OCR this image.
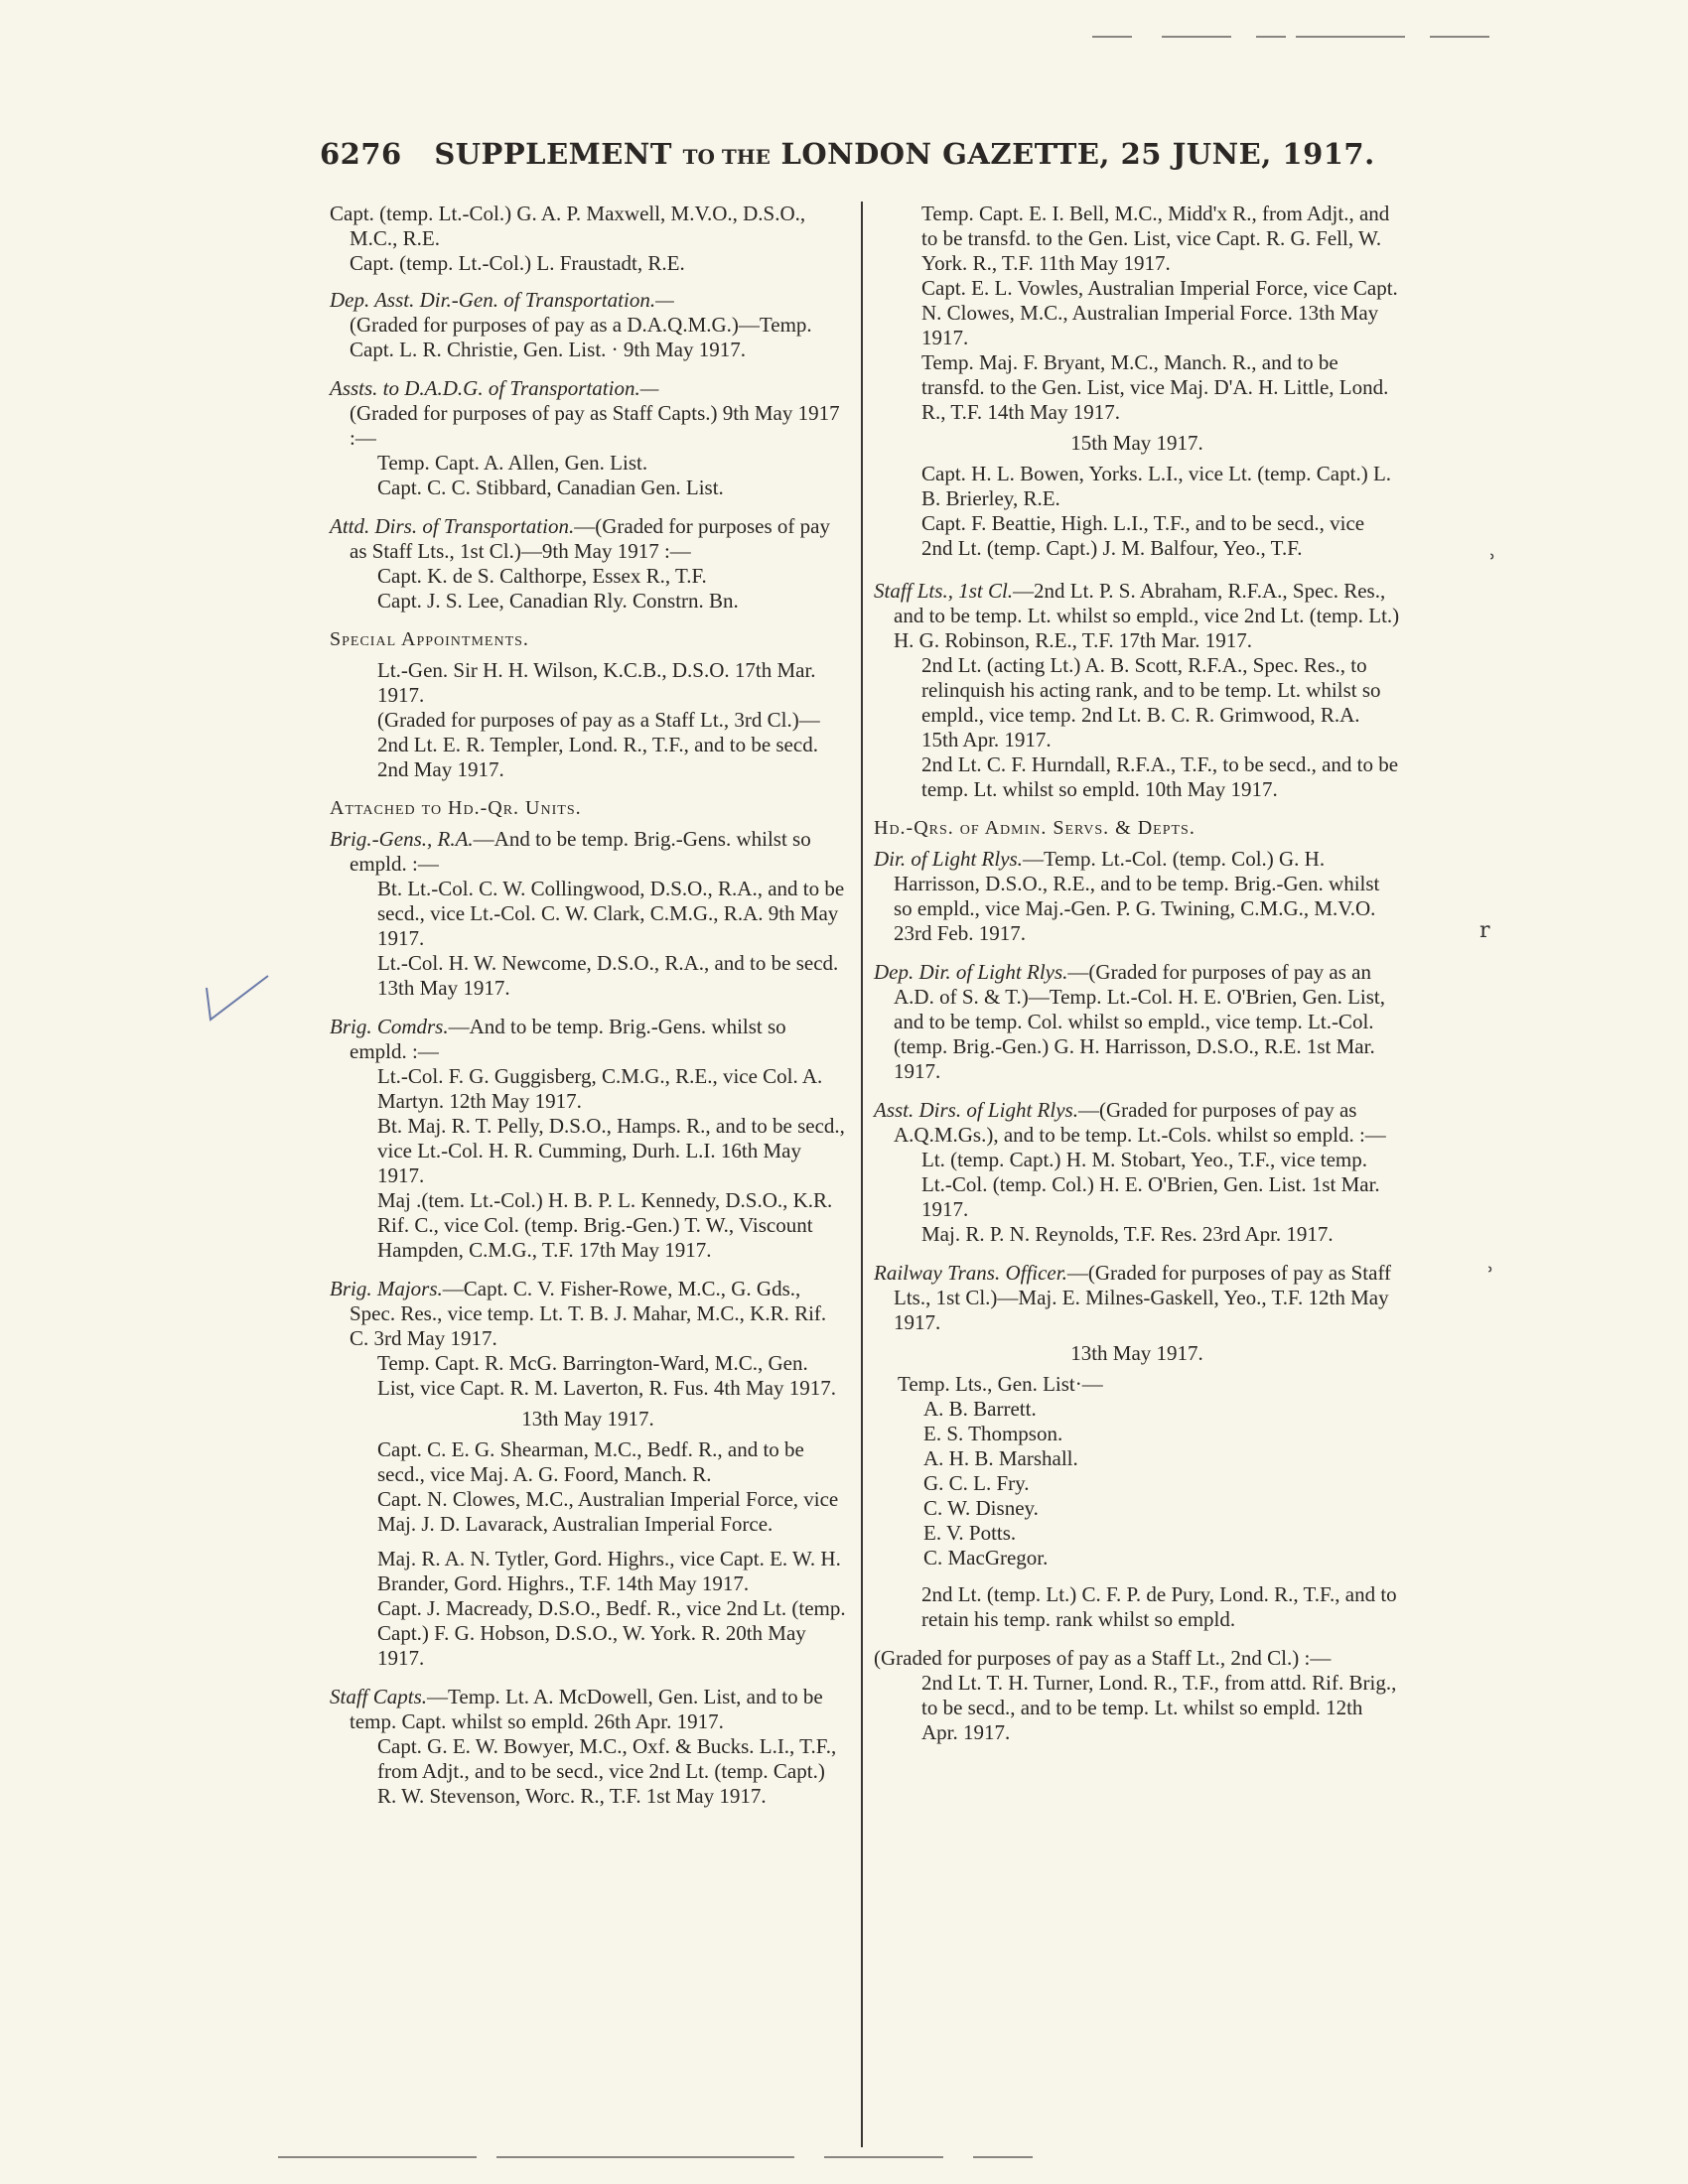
6276 SUPPLEMENT TO THE LONDON GAZETTE, 25 JUNE, 1917.

Capt. (temp. Lt.-Col.) G. A. P. Maxwell, M.V.O., D.S.O., M.C., R.E.

Capt. (temp. Lt.-Col.) L. Fraustadt, R.E.

Dep. Asst. Dir.-Gen. of Transportation.—

(Graded for purposes of pay as a D.A.Q.M.G.)—Temp. Capt. L. R. Christie, Gen. List. · 9th May 1917.

Assts. to D.A.D.G. of Transportation.—

(Graded for purposes of pay as Staff Capts.) 9th May 1917 :—

Temp. Capt. A. Allen, Gen. List.

Capt. C. C. Stibbard, Canadian Gen. List.

Attd. Dirs. of Transportation.—(Graded for purposes of pay as Staff Lts., 1st Cl.)—9th May 1917 :—

Capt. K. de S. Calthorpe, Essex R., T.F.

Capt. J. S. Lee, Canadian Rly. Constrn. Bn.

Special Appointments.

Lt.-Gen. Sir H. H. Wilson, K.C.B., D.S.O. 17th Mar. 1917.

(Graded for purposes of pay as a Staff Lt., 3rd Cl.)—2nd Lt. E. R. Templer, Lond. R., T.F., and to be secd. 2nd May 1917.

Attached to Hd.-Qr. Units.

Brig.-Gens., R.A.—And to be temp. Brig.-Gens. whilst so empld. :—

Bt. Lt.-Col. C. W. Collingwood, D.S.O., R.A., and to be secd., vice Lt.-Col. C. W. Clark, C.M.G., R.A. 9th May 1917.

Lt.-Col. H. W. Newcome, D.S.O., R.A., and to be secd. 13th May 1917.

Brig. Comdrs.—And to be temp. Brig.-Gens. whilst so empld. :—

Lt.-Col. F. G. Guggisberg, C.M.G., R.E., vice Col. A. Martyn. 12th May 1917.

Bt. Maj. R. T. Pelly, D.S.O., Hamps. R., and to be secd., vice Lt.-Col. H. R. Cumming, Durh. L.I. 16th May 1917.

Maj .(tem. Lt.-Col.) H. B. P. L. Kennedy, D.S.O., K.R. Rif. C., vice Col. (temp. Brig.-Gen.) T. W., Viscount Hampden, C.M.G., T.F. 17th May 1917.

Brig. Majors.—Capt. C. V. Fisher-Rowe, M.C., G. Gds., Spec. Res., vice temp. Lt. T. B. J. Mahar, M.C., K.R. Rif. C. 3rd May 1917.

Temp. Capt. R. McG. Barrington-Ward, M.C., Gen. List, vice Capt. R. M. Laverton, R. Fus. 4th May 1917.

13th May 1917.

Capt. C. E. G. Shearman, M.C., Bedf. R., and to be secd., vice Maj. A. G. Foord, Manch. R.

Capt. N. Clowes, M.C., Australian Imperial Force, vice Maj. J. D. Lavarack, Australian Imperial Force.

Maj. R. A. N. Tytler, Gord. Highrs., vice Capt. E. W. H. Brander, Gord. Highrs., T.F. 14th May 1917.

Capt. J. Macready, D.S.O., Bedf. R., vice 2nd Lt. (temp. Capt.) F. G. Hobson, D.S.O., W. York. R. 20th May 1917.

Staff Capts.—Temp. Lt. A. McDowell, Gen. List, and to be temp. Capt. whilst so empld. 26th Apr. 1917.

Capt. G. E. W. Bowyer, M.C., Oxf. & Bucks. L.I., T.F., from Adjt., and to be secd., vice 2nd Lt. (temp. Capt.) R. W. Stevenson, Worc. R., T.F. 1st May 1917.

Temp. Capt. E. I. Bell, M.C., Midd'x R., from Adjt., and to be transfd. to the Gen. List, vice Capt. R. G. Fell, W. York. R., T.F. 11th May 1917.

Capt. E. L. Vowles, Australian Imperial Force, vice Capt. N. Clowes, M.C., Australian Imperial Force. 13th May 1917.

Temp. Maj. F. Bryant, M.C., Manch. R., and to be transfd. to the Gen. List, vice Maj. D'A. H. Little, Lond. R., T.F. 14th May 1917.

15th May 1917.

Capt. H. L. Bowen, Yorks. L.I., vice Lt. (temp. Capt.) L. B. Brierley, R.E.

Capt. F. Beattie, High. L.I., T.F., and to be secd., vice 2nd Lt. (temp. Capt.) J. M. Balfour, Yeo., T.F.

Staff Lts., 1st Cl.—2nd Lt. P. S. Abraham, R.F.A., Spec. Res., and to be temp. Lt. whilst so empld., vice 2nd Lt. (temp. Lt.) H. G. Robinson, R.E., T.F. 17th Mar. 1917.

2nd Lt. (acting Lt.) A. B. Scott, R.F.A., Spec. Res., to relinquish his acting rank, and to be temp. Lt. whilst so empld., vice temp. 2nd Lt. B. C. R. Grimwood, R.A. 15th Apr. 1917.

2nd Lt. C. F. Hurndall, R.F.A., T.F., to be secd., and to be temp. Lt. whilst so empld. 10th May 1917.

Hd.-Qrs. of Admin. Servs. & Depts.

Dir. of Light Rlys.—Temp. Lt.-Col. (temp. Col.) G. H. Harrisson, D.S.O., R.E., and to be temp. Brig.-Gen. whilst so empld., vice Maj.-Gen. P. G. Twining, C.M.G., M.V.O. 23rd Feb. 1917.

Dep. Dir. of Light Rlys.—(Graded for purposes of pay as an A.D. of S. & T.)—Temp. Lt.-Col. H. E. O'Brien, Gen. List, and to be temp. Col. whilst so empld., vice temp. Lt.-Col. (temp. Brig.-Gen.) G. H. Harrisson, D.S.O., R.E. 1st Mar. 1917.

Asst. Dirs. of Light Rlys.—(Graded for purposes of pay as A.Q.M.Gs.), and to be temp. Lt.-Cols. whilst so empld. :—

Lt. (temp. Capt.) H. M. Stobart, Yeo., T.F., vice temp. Lt.-Col. (temp. Col.) H. E. O'Brien, Gen. List. 1st Mar. 1917.

Maj. R. P. N. Reynolds, T.F. Res. 23rd Apr. 1917.

Railway Trans. Officer.—(Graded for purposes of pay as Staff Lts., 1st Cl.)—Maj. E. Milnes-Gaskell, Yeo., T.F. 12th May 1917.

13th May 1917.

Temp. Lts., Gen. List·—

A. B. Barrett.

E. S. Thompson.

A. H. B. Marshall.

G. C. L. Fry.

C. W. Disney.

E. V. Potts.

C. MacGregor.

2nd Lt. (temp. Lt.) C. F. P. de Pury, Lond. R., T.F., and to retain his temp. rank whilst so empld.

(Graded for purposes of pay as a Staff Lt., 2nd Cl.) :—

2nd Lt. T. H. Turner, Lond. R., T.F., from attd. Rif. Brig., to be secd., and to be temp. Lt. whilst so empld. 12th Apr. 1917.

˒
r
˒
